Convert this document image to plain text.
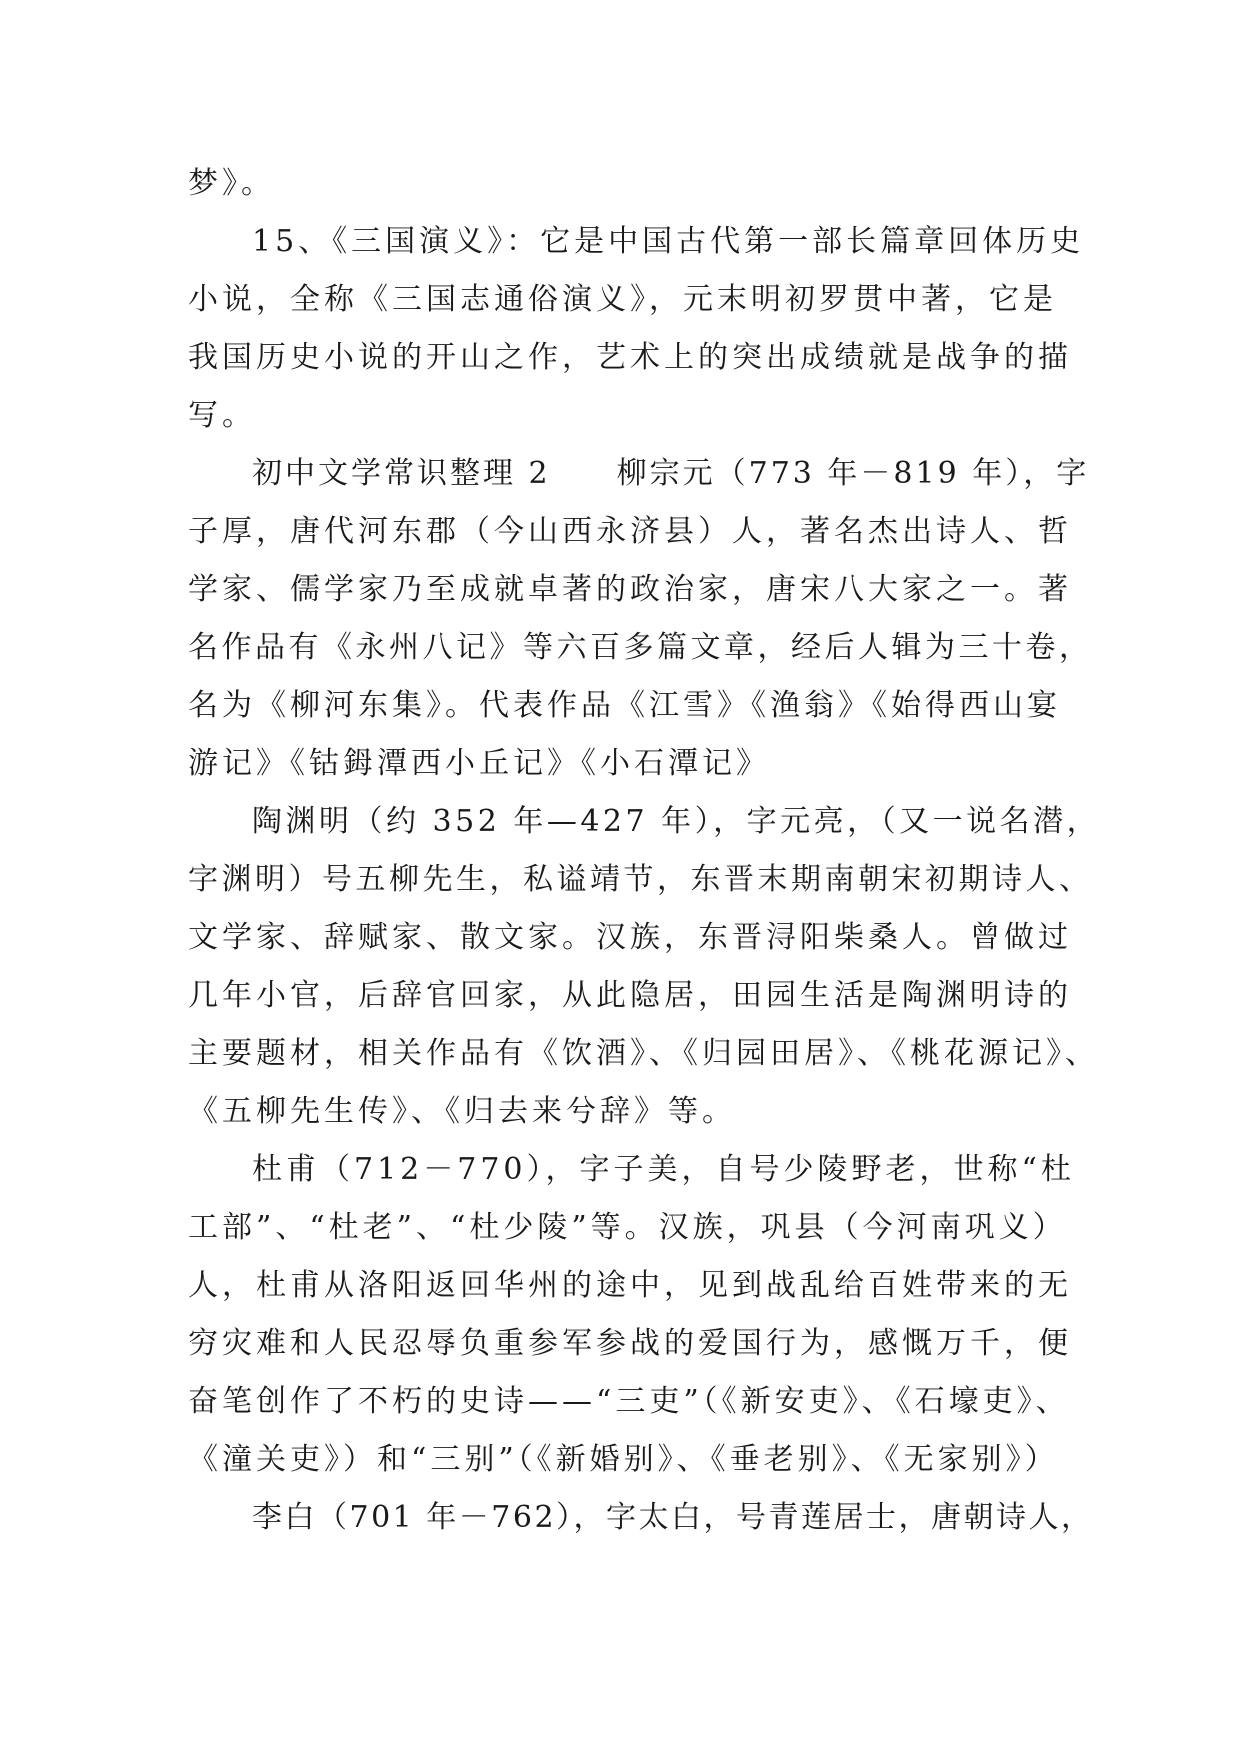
梦》。
15、《三国演义》：它是中国古代第一部长篇章回体历史
小说，全称《三国志通俗演义》，元末明初罗贯中著，它是
我国历史小说的开山之作，艺术上的突出成绩就是战争的描
写。
初中文学常识整理 2　　柳宗元（773 年－819 年），字
子厚，唐代河东郡（今山西永济县）人，著名杰出诗人、哲
学家、儒学家乃至成就卓著的政治家，唐宋八大家之一。著
名作品有《永州八记》等六百多篇文章，经后人辑为三十卷，
名为《柳河东集》。代表作品《江雪》《渔翁》《始得西山宴
游记》《钴鉧潭西小丘记》《小石潭记》
陶渊明（约 352 年—427 年），字元亮，（又一说名潜，
字渊明）号五柳先生，私谥靖节，东晋末期南朝宋初期诗人、
文学家、辞赋家、散文家。汉族，东晋浔阳柴桑人。曾做过
几年小官，后辞官回家，从此隐居，田园生活是陶渊明诗的
主要题材，相关作品有《饮酒》、《归园田居》、《桃花源记》、
《五柳先生传》、《归去来兮辞》等。
杜甫（712－770），字子美，自号少陵野老，世称“杜
工部”、“杜老”、“杜少陵”等。汉族，巩县（今河南巩义）
人，杜甫从洛阳返回华州的途中，见到战乱给百姓带来的无
穷灾难和人民忍辱负重参军参战的爱国行为，感慨万千，便
奋笔创作了不朽的史诗——“三吏”（《新安吏》、《石壕吏》、
《潼关吏》）和“三别”（《新婚别》、《垂老别》、《无家别》）
李白（701 年－762），字太白，号青莲居士，唐朝诗人，
